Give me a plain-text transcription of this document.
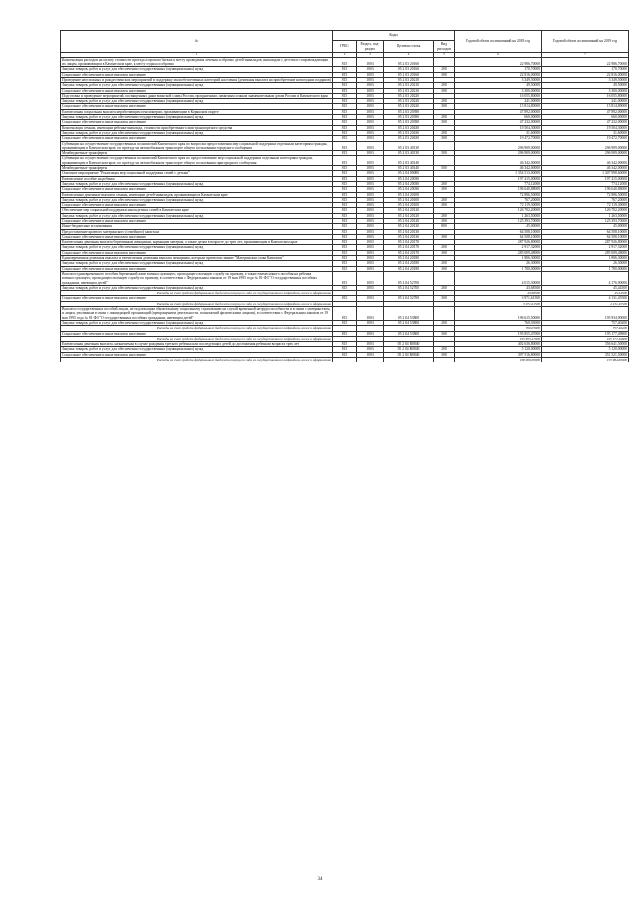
№	Коды				Годовой объем ассигнований на 2018 год	Годовой объем ассигнований на 2019 год
	ГРБС	Раздел, под-раздел	Целевая статья	Вид расходов		
1	2	3	4	5	6	7
Компенсация расходов на оплату стоимости проезда и провоза багажа к месту проведения лечения и обратно детей-инвалидов, инвалидам с детства и сопровождающим их лицам, проживающим в Камчатском крае, к месту отдыха и обратно	815	1003	05 2 03 20160		22 986,70000	22 986,70000
Закупка товаров, работ и услуг для обеспечения государственных (муниципальных) нужд	815	1003	05 2 03 20160	200	170,70000	170,70000
Социальное обеспечение и иные выплаты населению	815	1003	05 2 03 20160	300	22 816,00000	22 816,00000
Проведение неотложных и рождественских мероприятий в поддержку малообеспеченных категорий населения (денежная выплата на приобретение новогодних подарков)	815	1003	05 2 03 20210		3 349,50000	3 349,50000
Закупка товаров, работ и услуг для обеспечения государственных (муниципальных) нужд	815	1003	05 2 03 20210	200	49,50000	49,50000
Социальное обеспечение и иные выплаты населению	815	1003	05 2 03 20210	300	3 300,00000	3 300,00000
Подготовка и проведение мероприятий, посвященных дням воинской славы России, праздничным, памятным и иным знаменательным датам России и Камчатского края	815	1003	05 2 03 20220		16 055,80000	16 055,80000
Закупка товаров, работ и услуг для обеспечения государственных (муниципальных) нужд	815	1003	05 2 03 20220	200	241,00000	241,00000
Социальное обеспечение и иные выплаты населению	815	1003	05 2 03 20220	300	15 814,80000	15 814,80000
Ежемесячная социальная выплата неработающим пенсионерам, проживающим в Корякском округе	815	1003	05 2 03 20390		47 892,00000	47 892,00000
Закупка товаров, работ и услуг для обеспечения государственных (муниципальных) нужд	815	1003	05 2 03 20390	200	660,00000	660,00000
Социальное обеспечение и иные выплаты населению	815	1003	05 2 03 20390	300	47 232,00000	47 232,00000
Компенсация семьям, имеющим ребенка-инвалида, стоимости приобретенного ими транспортного средства	815	1003	05 2 03 20430		19 504,30000	19 504,30000
Закупка товаров, работ и услуг для обеспечения государственных (муниципальных) нужд	815	1003	05 2 03 20430	200	31,60000	31,60000
Социальное обеспечение и иные выплаты населению	815	1003	05 2 03 20430	300	19 472,70000	19 472,70000
Субвенции на осуществление государственных полномочий Камчатского края по вопросам предоставления мер социальной поддержки отдельным категориям граждан, проживающим в Камчатском крае, по проезду на автомобильном транспорте общего пользования городского сообщения	815	1003	05 2 03 40130		296 909,00000	296 909,00000
Межбюджетные трансферты	815	1003	05 2 03 40130	500	296 909,00000	296 909,00000
Субвенции на осуществление государственных полномочий Камчатского края по предоставлению мер социальной поддержки отдельным категориям граждан, проживающим в Камчатском крае, по проезду на автомобильном транспорте общего пользования пригородного сообщения	815	1003	05 2 03 40140		46 342,00000	46 342,00000
Межбюджетные трансферты	815	1003	05 2 03 40140	500	46 342,00000	46 342,00000
Основное мероприятие "Реализация мер социальной поддержки семей с детьми"	815	1003	05 2 04 00000		1 354 513,00000	1 307 998,60000
Ежемесячное пособие на ребенка	815	1003	05 2 04 20030		197 415,00000	197 415,00000
Закупка товаров, работ и услуг для обеспечения государственных (муниципальных) нужд	815	1003	05 2 04 20030	200	774,12000	774,12000
Социальное обеспечение и иные выплаты населению	815	1003	05 2 04 20030	300	196 640,88000	196 640,88000
Ежемесячные денежные выплаты семьям, имеющим детей-инвалидов, проживающим в Камчатском крае	815	1003	05 2 04 20100		72 886,50000	72 886,50000
Закупка товаров, работ и услуг для обеспечения государственных (муниципальных) нужд	815	1003	05 2 04 20100	200	767,20000	767,20000
Социальное обеспечение и иные выплаты населению	815	1003	05 2 04 20100	300	72 119,30000	72 119,30000
Обеспечение мер социальной поддержки многодетных семей в Камчатском крае	815	1003	05 2 04 20120		126 702,20000	126 702,20000
Закупка товаров, работ и услуг для обеспечения государственных (муниципальных) нужд	815	1003	05 2 04 20120	200	1 263,50000	1 263,50000
Социальное обеспечение и иные выплаты населению	815	1003	05 2 04 20120	300	125 393,70000	125 393,70000
Иные бюджетные ассигнования	815	1003	05 2 04 20120	800	45,00000	45,00000
Предоставление краевого материнского (семейного) капитала	815	1003	05 2 04 20130		64 508,10000	64 508,10000
Социальное обеспечение и иные выплаты населению	815	1003	05 2 04 20130	300	64 508,10000	64 508,10000
Ежемесячная денежная выплата беременным женщинам, кормящим матерям, а также детям в возрасте до трех лет, проживающим в Камчатском крае	815	1003	05 2 04 20170		287 926,80000	287 926,80000
Закупка товаров, работ и услуг для обеспечения государственных (муниципальных) нужд	815	1003	05 2 04 20170	200	2 917,32000	2 917,32000
Социальное обеспечение и иные выплаты населению	815	1003	05 2 04 20170	300	285 009,48000	285 009,48000
Единовременная денежная выплата и ежемесячная денежная выплата женщинам, которым присвоено звание "Материнская слава Камчатки"	815	1003	05 2 04 20180		1 806,30000	1 806,30000
Закупка товаров, работ и услуг для обеспечения государственных (муниципальных) нужд	815	1003	05 2 04 20180	200	26,30000	26,30000
Социальное обеспечение и иные выплаты населению	815	1003	05 2 04 20180	300	1 780,00000	1 780,00000
Выплата единовременного пособия беременной жене военнослужащего, проходящего военную службу по призыву, а также ежемесячного пособия на ребенка военнослужащего, проходящего военную службу по призыву, в соответствии с Федеральным законом от 19 мая 1995 года № 81-ФЗ "О государственных пособиях гражданам, имеющим детей"	815	1003	05 2 04 52700		4 015,30000	4 176,90000
Закупка товаров, работ и услуг для обеспечения государственных (муниципальных) нужд	815	1003	05 2 04 52700	200	43,68500	45,44500
Расходы за счет средств федерального бюджета текущего года из государственного подраздела, ниже к оформлению					43,68500	45,44500
Социальное обеспечение и иные выплаты населению	815	1003	05 2 04 52700	300	3 971,61500	4 131,45500
Расходы за счет средств федерального бюджета текущего года из государственного подраздела, ниже к оформлению					3 971,61500	4 131,45500
Выплата государственных пособий лицам, не подлежащим обязательному социальному страхованию на случай временной нетрудоспособности и в связи с материнством, и лицам, уволенным в связи с ликвидацией организаций (прекращением деятельности, полномочий физическими лицами), в соответствии с Федеральным законом от 19 мая 1995 года № 81-ФЗ "О государственных пособиях гражданам, имеющим детей"	815	1003	05 2 04 53800		196 615,50000	195 934,90000
Закупка товаров, работ и услуг для обеспечения государственных (муниципальных) нужд	815	1003	05 2 04 53800	200	760,03000	757,40200
Расходы за счет средств федерального бюджета текущего года из государственного подраздела, ниже к оформлению					760,03000	757,40200
Социальное обеспечение и иные выплаты населению	815	1003	05 2 04 53800	300	195 855,47000	195 177,49800
Расходы за счет средств федерального бюджета текущего года из государственного подраздела, ниже к оформлению					195 855,47000	195 177,49800
Ежемесячная денежная выплата, назначаемая в случае рождения третьего ребенка или последующих детей до достижения ребенком возраста трех лет	815	1003	05 2 04 R0840		402 636,80000	356 641,50000
Закупка товаров, работ и услуг для обеспечения государственных (муниципальных) нужд	815	1003	05 2 04 R0840	200	5 120,00000	5 120,00000
Социальное обеспечение и иные выплаты населению	815	1003	05 2 04 R0840	300	397 516,80000	351 521,50000
Расходы за счет средств федерального бюджета текущего года из государственного подраздела, ниже к оформлению					108 900,00000	153 984,60000
34
